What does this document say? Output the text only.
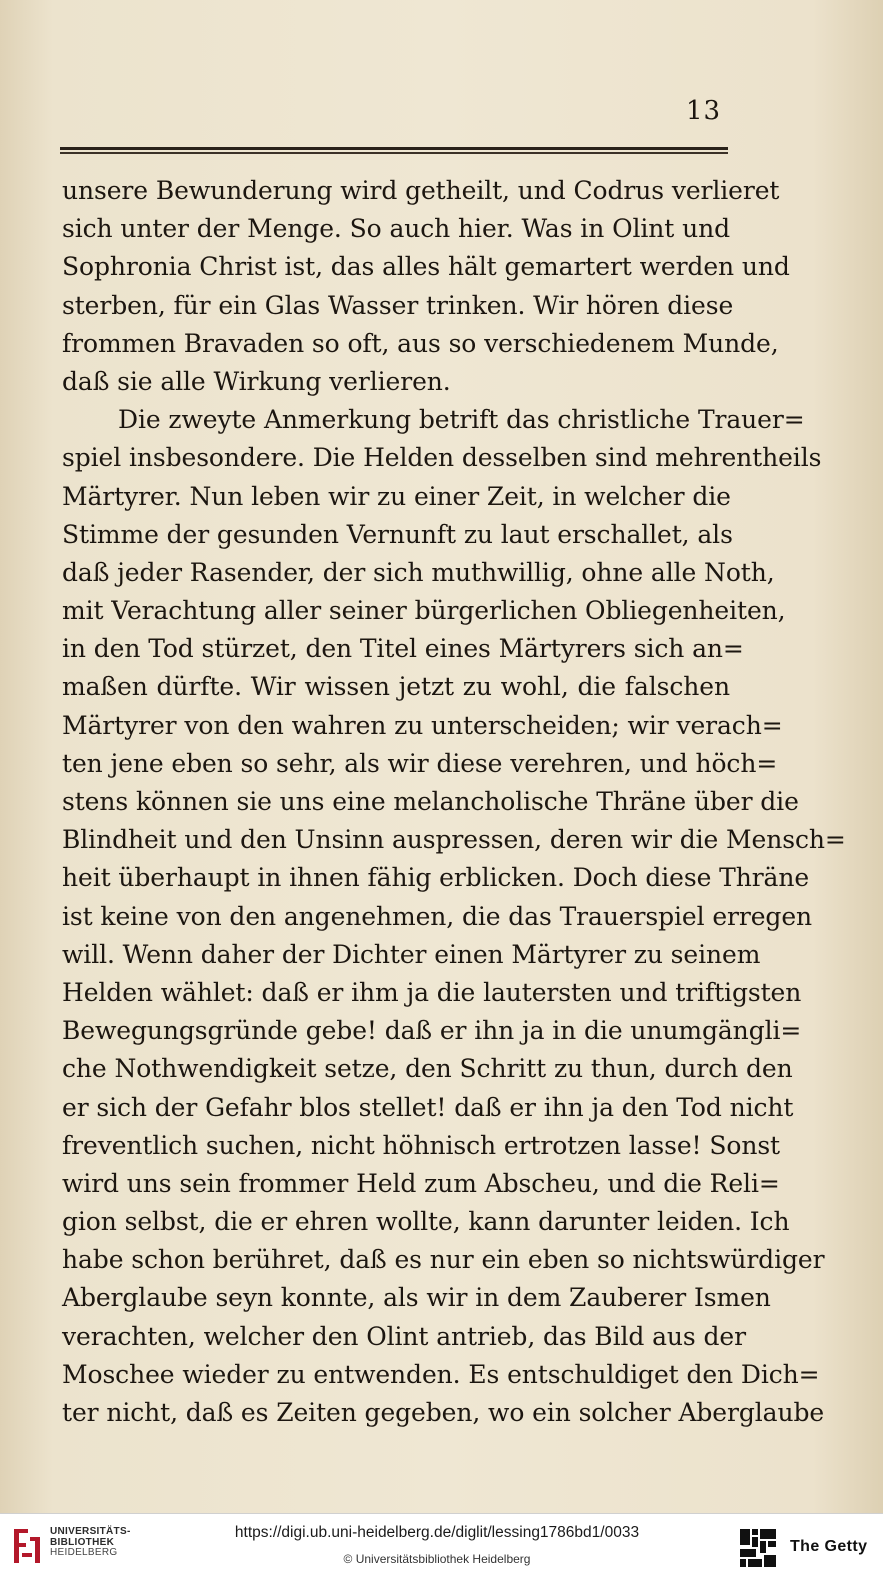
13
unsere Bewunderung wird getheilt, und Codrus verlieret
sich unter der Menge. So auch hier. Was in Olint und
Sophronia Christ ist, das alles hält gemartert werden und
sterben, für ein Glas Wasser trinken. Wir hören diese
frommen Bravaden so oft, aus so verschiedenem Munde,
daß sie alle Wirkung verlieren.
Die zweyte Anmerkung betrift das christliche Trauer=
spiel insbesondere. Die Helden desselben sind mehrentheils
Märtyrer. Nun leben wir zu einer Zeit, in welcher die
Stimme der gesunden Vernunft zu laut erschallet, als
daß jeder Rasender, der sich muthwillig, ohne alle Noth,
mit Verachtung aller seiner bürgerlichen Obliegenheiten,
in den Tod stürzet, den Titel eines Märtyrers sich an=
maßen dürfte. Wir wissen jetzt zu wohl, die falschen
Märtyrer von den wahren zu unterscheiden; wir verach=
ten jene eben so sehr, als wir diese verehren, und höch=
stens können sie uns eine melancholische Thräne über die
Blindheit und den Unsinn auspressen, deren wir die Mensch=
heit überhaupt in ihnen fähig erblicken. Doch diese Thräne
ist keine von den angenehmen, die das Trauerspiel erregen
will. Wenn daher der Dichter einen Märtyrer zu seinem
Helden wählet: daß er ihm ja die lautersten und triftigsten
Bewegungsgründe gebe! daß er ihn ja in die unumgängli=
che Nothwendigkeit setze, den Schritt zu thun, durch den
er sich der Gefahr blos stellet! daß er ihn ja den Tod nicht
freventlich suchen, nicht höhnisch ertrotzen lasse! Sonst
wird uns sein frommer Held zum Abscheu, und die Reli=
gion selbst, die er ehren wollte, kann darunter leiden. Ich
habe schon berühret, daß es nur ein eben so nichtswürdiger
Aberglaube seyn konnte, als wir in dem Zauberer Ismen
verachten, welcher den Olint antrieb, das Bild aus der
Moschee wieder zu entwenden. Es entschuldiget den Dich=
ter nicht, daß es Zeiten gegeben, wo ein solcher Aberglaube
UNIVERSITÄTS-
BIBLIOTHEK
HEIDELBERG
https://digi.ub.uni-heidelberg.de/diglit/lessing1786bd1/0033
© Universitätsbibliothek Heidelberg
The Getty
